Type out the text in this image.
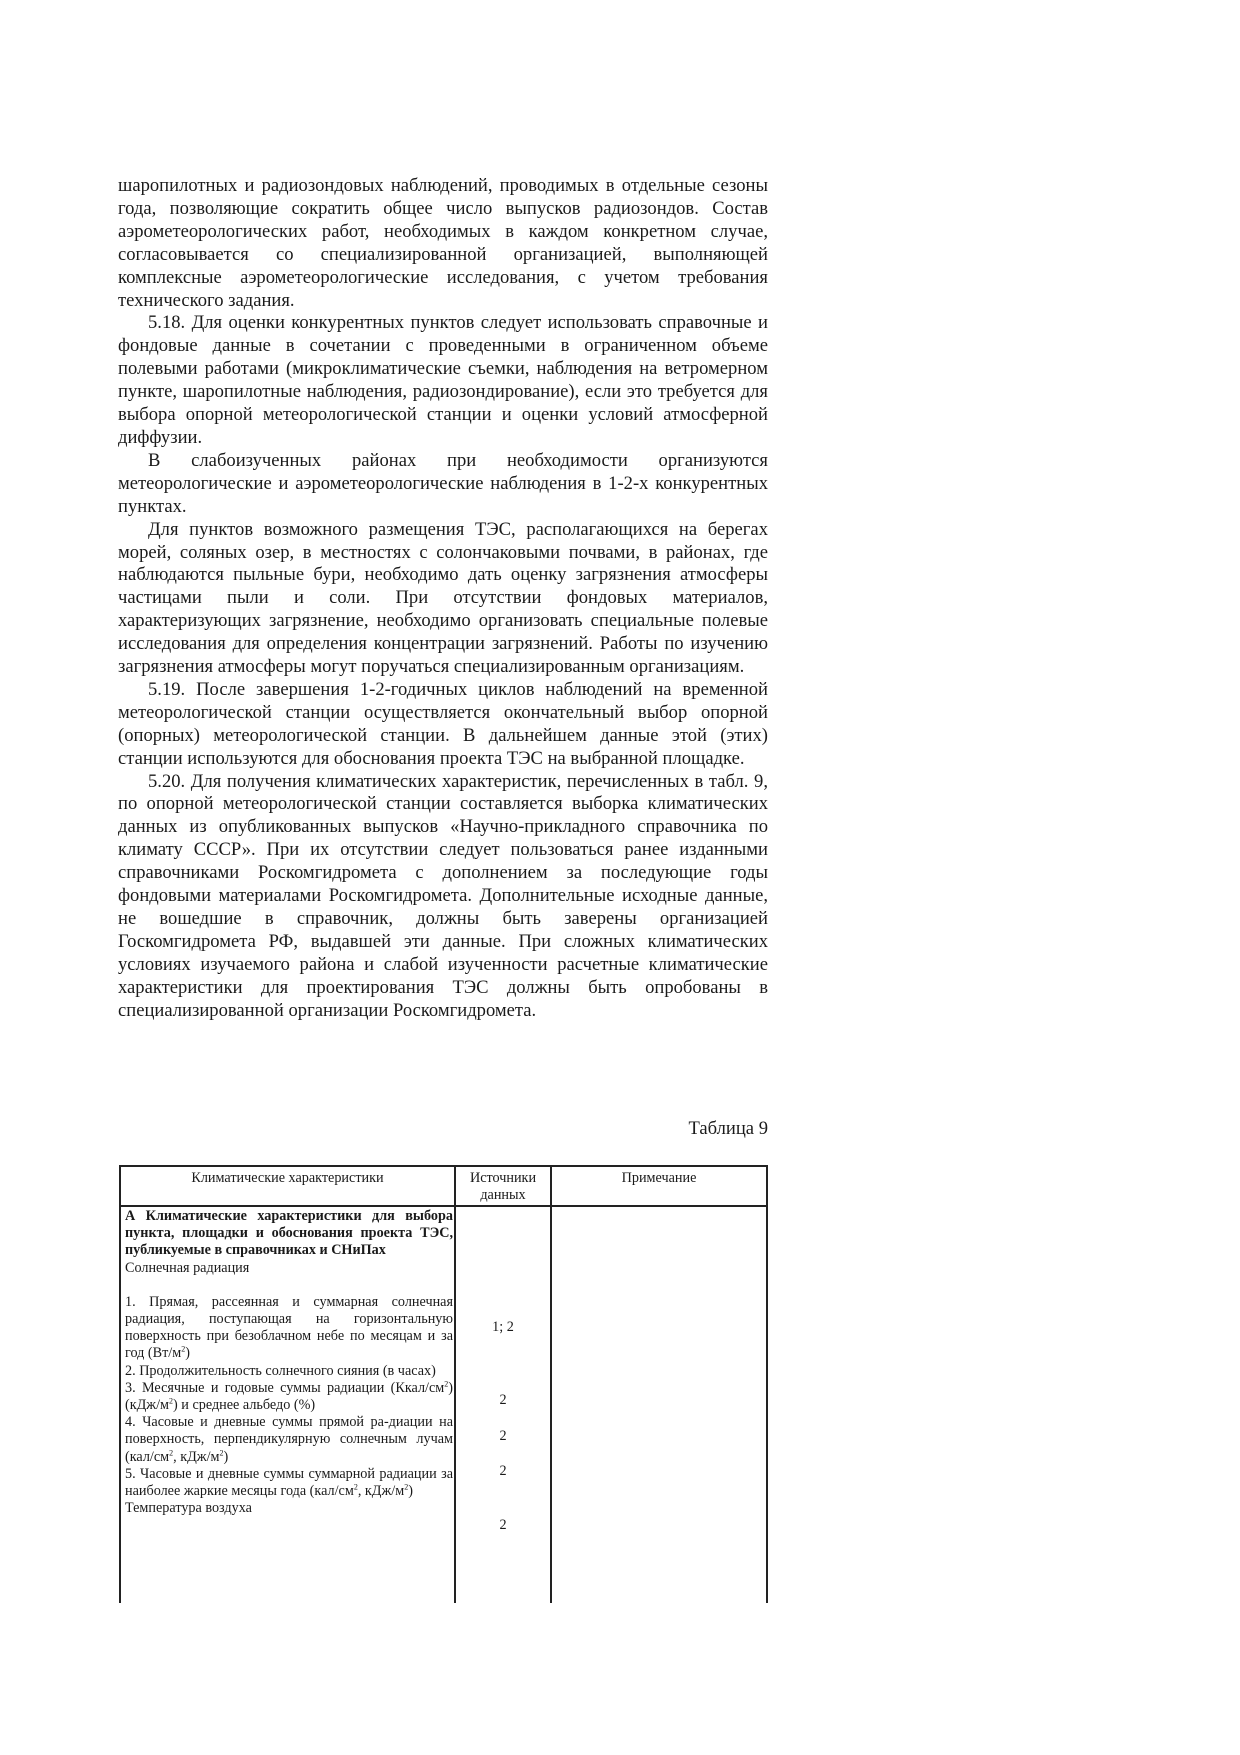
шаропилотных и радиозондовых наблюдений, проводимых в отдельные сезоны года, позволяющие сократить общее число выпусков радиозондов. Состав аэрометеорологических работ, необходимых в каждом конкретном случае, согласовывается со специализированной организацией, выполняющей комплексные аэрометеорологические исследования, с учетом требования технического задания.

5.18. Для оценки конкурентных пунктов следует использовать справочные и фондовые данные в сочетании с проведенными в ограниченном объеме полевыми работами (микроклиматические съемки, наблюдения на ветромерном пункте, шаропилотные наблюдения, радиозондирование), если это требуется для выбора опорной метеорологической станции и оценки условий атмосферной диффузии.

В слабоизученных районах при необходимости организуются метеорологические и аэрометеорологические наблюдения в 1-2-х конкурентных пунктах.

Для пунктов возможного размещения ТЭС, располагающихся на берегах морей, соляных озер, в местностях с солончаковыми почвами, в районах, где наблюдаются пыльные бури, необходимо дать оценку загрязнения атмосферы частицами пыли и соли. При отсутствии фондовых материалов, характеризующих загрязнение, необходимо организовать специальные полевые исследования для определения концентрации загрязнений. Работы по изучению загрязнения атмосферы могут поручаться специализированным организациям.

5.19. После завершения 1-2-годичных циклов наблюдений на временной метеорологической станции осуществляется окончательный выбор опорной (опорных) метеорологической станции. В дальнейшем данные этой (этих) станции используются для обоснования проекта ТЭС на выбранной площадке.

5.20. Для получения климатических характеристик, перечисленных в табл. 9, по опорной метеорологической станции составляется выборка климатических данных из опубликованных выпусков «Научно-прикладного справочника по климату СССР». При их отсутствии следует пользоваться ранее изданными справочниками Роскомгидромета с дополнением за последующие годы фондовыми материалами Роскомгидромета. Дополнительные исходные данные, не вошедшие в справочник, должны быть заверены организацией Госкомгидромета РФ, выдавшей эти данные. При сложных климатических условиях изучаемого района и слабой изученности расчетные климатические характеристики для проектирования ТЭС должны быть опробованы в специализированной организации Роскомгидромета.

Таблица 9
Климатические характеристики	Источники данных
Примечание
А Климатические характеристики для выбора пункта, площадки и обоснования проекта ТЭС, публикуемые в справочниках и СНиПах
Солнечная радиация
1. Прямая, рассеянная и суммарная солнечная радиация, поступающая на горизонтальную поверхность при безоблачном небе по месяцам и за год $(Вт/м^2)$
2. Продолжительность солнечного сияния (в часах)
3. Месячные и годовые суммы радиации $(Ккал/см^2)$ $(кДж/м^2)$ и среднее альбедо (%)
4. Часовые и дневные суммы прямой ра-диации на поверхность, перпендикулярную солнечным лучам ($кал/см^2$, кДж/$м^2$)
5. Часовые и дневные суммы суммарной радиации за наиболее жаркие месяцы года ($кал/см^2$, кДж/$м^2$)
Температура воздуха
1; 2
2
2
2
2
